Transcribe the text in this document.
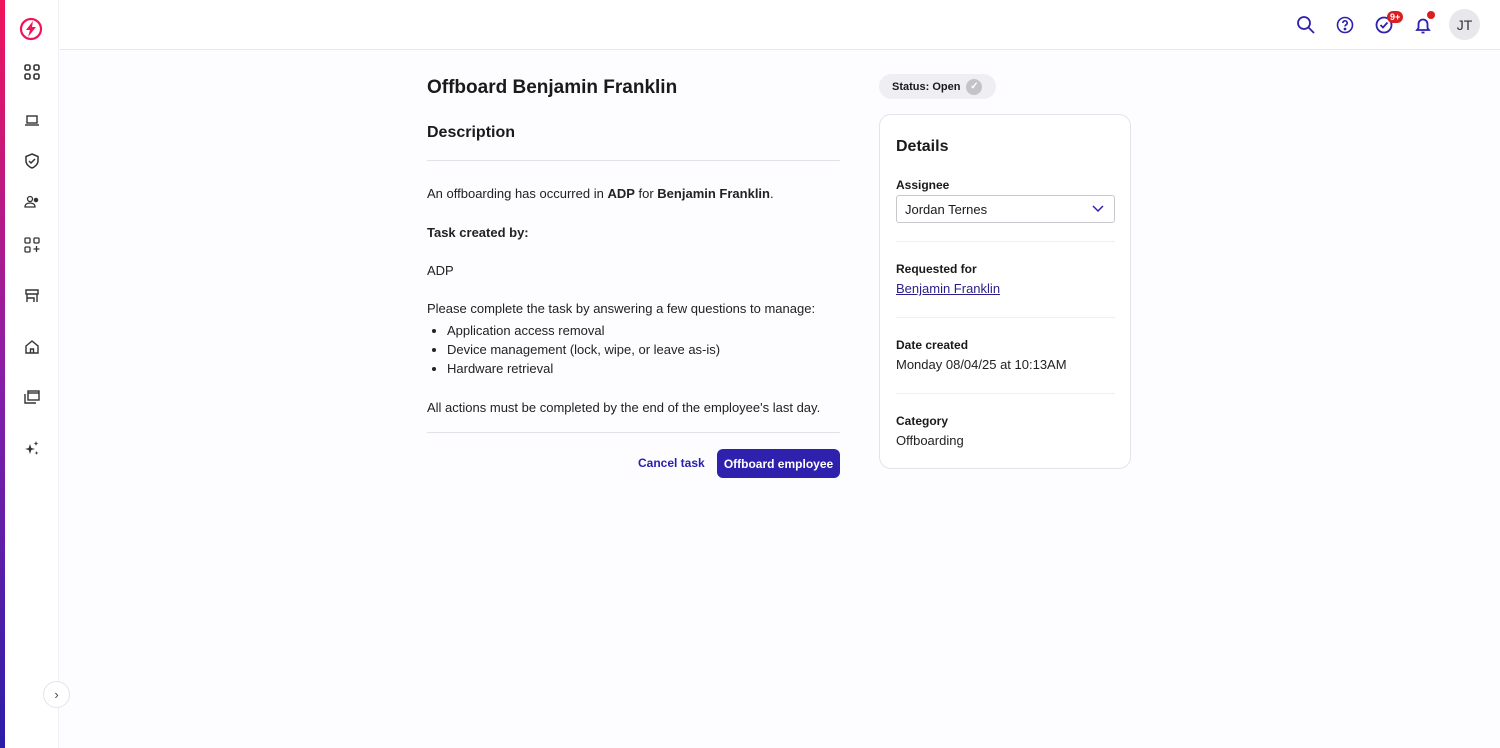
›
9+	JT
Offboard Benjamin Franklin
Description

An offboarding has occurred in ADP for Benjamin Franklin.

Task created by:

ADP

Please complete the task by answering a few questions to manage:

• Application access removal
• Device management (lock, wipe, or leave as-is)
• Hardware retrieval

All actions must be completed by the end of the employee's last day.

Cancel task	Offboard employee
Status: Open ✓
Details
Assignee
Jordan Ternes
Requested for
Benjamin Franklin
Date created
Monday 08/04/25 at 10:13AM
Category
Offboarding
